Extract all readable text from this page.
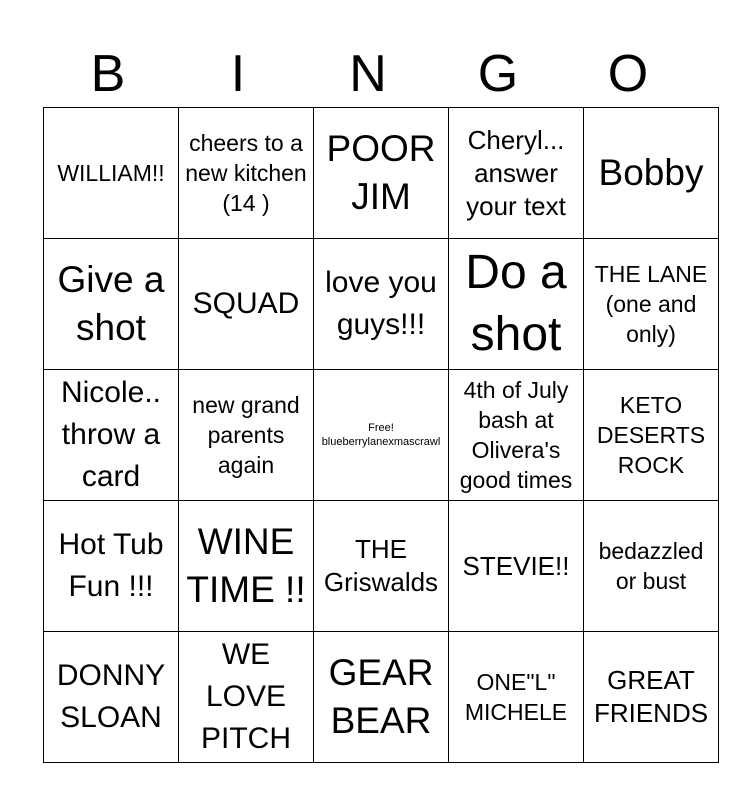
B	I	N	G	O
WILLIAM!!	cheers to a new kitchen (14 )	POOR JIM	Cheryl... answer your text	Bobby

Give a shot	SQUAD	love you guys!!!	Do a shot	THE LANE (one and only)

Nicole.. throw a card	new grand parents again	Free! blueberrylanexmascrawl	4th of July bash at Olivera's good times	KETO DESERTS ROCK

Hot Tub Fun !!!	WINE TIME !!	THE Griswalds	STEVIE!!	bedazzled or bust

DONNY SLOAN	WE LOVE PITCH	GEAR BEAR	ONE"L" MICHELE	GREAT FRIENDS
